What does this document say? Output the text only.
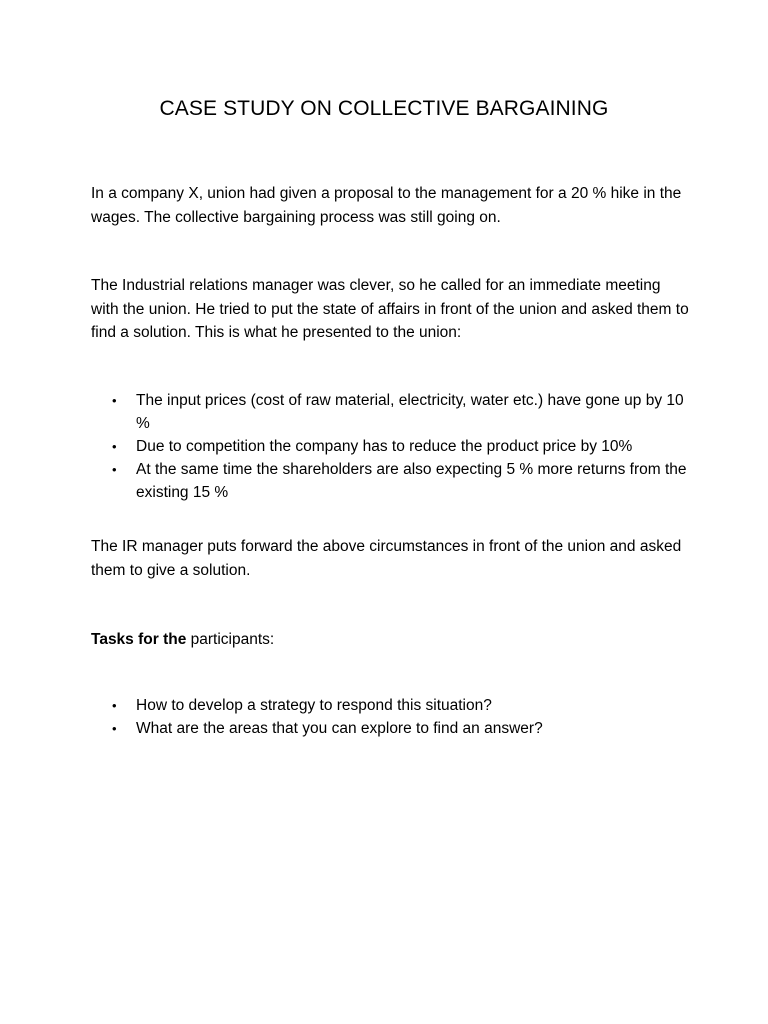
CASE STUDY ON COLLECTIVE BARGAINING

In a company X, union had given a proposal to the management for a 20 % hike in the wages. The collective bargaining process was still going on.

The Industrial relations manager was clever, so he called for an immediate meeting with the union. He tried to put the state of affairs in front of the union and asked them to find a solution. This is what he presented to the union:

• The input prices (cost of raw material, electricity, water etc.) have gone up by 10 %
• Due to competition the company has to reduce the product price by 10%
• At the same time the shareholders are also expecting 5 % more returns from the existing 15 %

The IR manager puts forward the above circumstances in front of the union and asked them to give a solution.

Tasks for the participants:
• How to develop a strategy to respond this situation?
• What are the areas that you can explore to find an answer?
